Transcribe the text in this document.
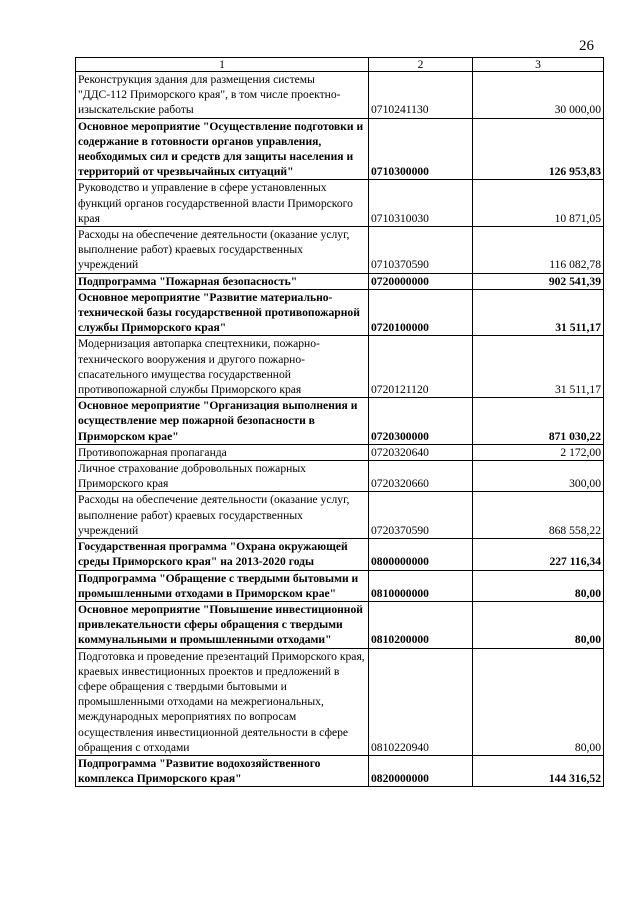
26
1	2	3
Реконструкция здания для размещения системы "ДДС-112 Приморского края", в том числе проектно-изыскательские работы	0710241130	30 000,00
Основное мероприятие "Осуществление подготовки и содержание в готовности органов управления, необходимых сил и средств для защиты населения и территорий от чрезвычайных ситуаций"	0710300000	126 953,83
Руководство и управление в сфере установленных функций органов государственной власти Приморского края	0710310030	10 871,05
Расходы на обеспечение деятельности (оказание услуг, выполнение работ) краевых государственных учреждений	0710370590	116 082,78
Подпрограмма "Пожарная безопасность"	0720000000	902 541,39
Основное мероприятие "Развитие материально-технической базы государственной противопожарной службы Приморского края"	0720100000	31 511,17
Модернизация автопарка спецтехники, пожарно-технического вооружения и другого пожарно-спасательного имущества государственной противопожарной службы Приморского края	0720121120	31 511,17
Основное мероприятие "Организация выполнения и осуществление мер пожарной безопасности в Приморском крае"	0720300000	871 030,22
Противопожарная пропаганда	0720320640	2 172,00
Личное страхование добровольных пожарных Приморского края	0720320660	300,00
Расходы на обеспечение деятельности (оказание услуг, выполнение работ) краевых государственных учреждений	0720370590	868 558,22
Государственная программа "Охрана окружающей среды Приморского края" на 2013-2020 годы	0800000000	227 116,34
Подпрограмма "Обращение с твердыми бытовыми и промышленными отходами в Приморском крае"	0810000000	80,00
Основное мероприятие "Повышение инвестиционной привлекательности сферы обращения с твердыми коммунальными и промышленными отходами"	0810200000	80,00
Подготовка и проведение презентаций Приморского края, краевых инвестиционных проектов и предложений в сфере обращения с твердыми бытовыми и промышленными отходами на межрегиональных, международных мероприятиях по вопросам осуществления инвестиционной деятельности в сфере обращения с отходами	0810220940	80,00
Подпрограмма "Развитие водохозяйственного комплекса Приморского края"	0820000000	144 316,52
